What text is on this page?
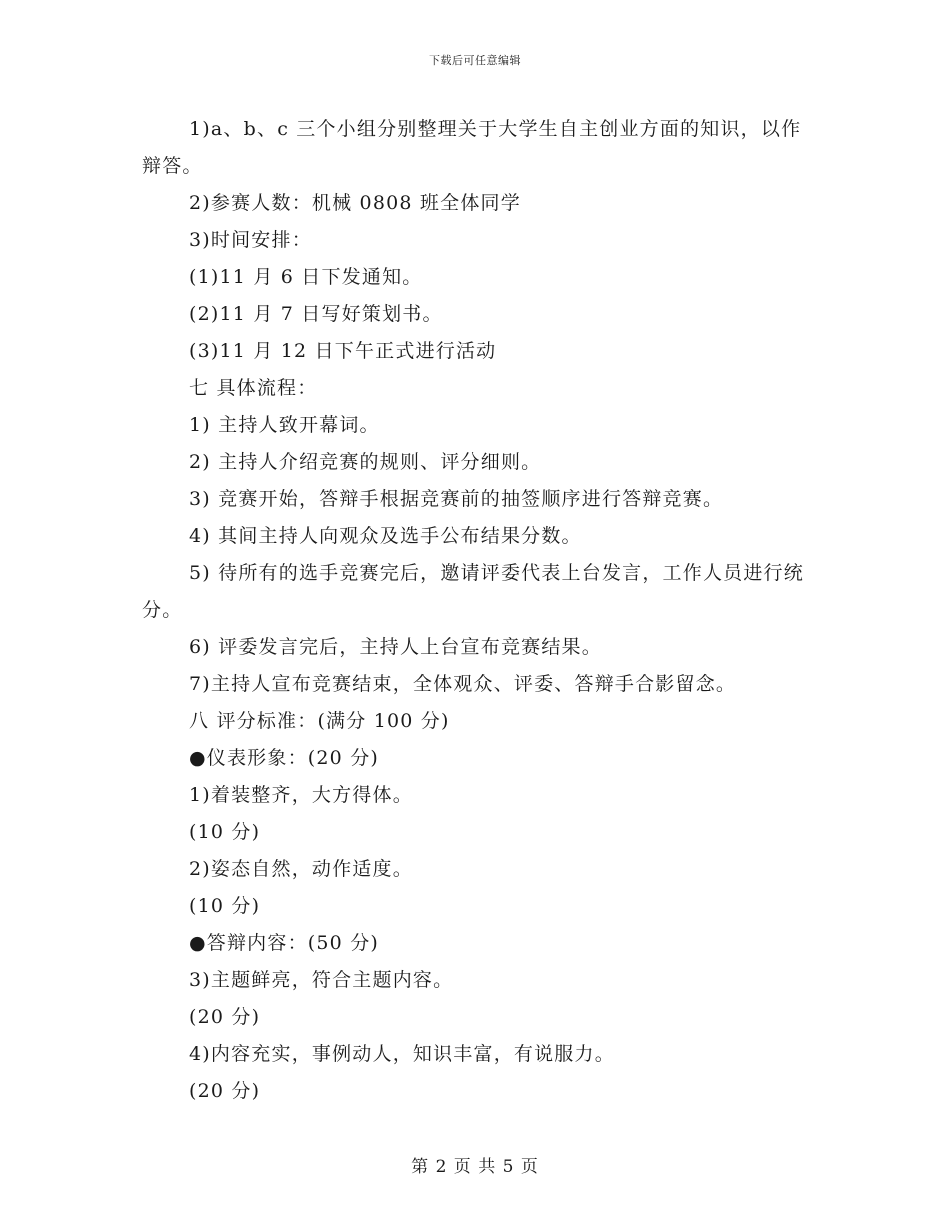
下载后可任意编辑

1)a、b、c 三个小组分别整理关于大学生自主创业方面的知识，以作辩答。

2)参赛人数：机械 0808 班全体同学

3)时间安排：

(1)11 月 6 日下发通知。

(2)11 月 7 日写好策划书。

(3)11 月 12 日下午正式进行活动

七 具体流程：

1) 主持人致开幕词。

2) 主持人介绍竞赛的规则、评分细则。

3) 竞赛开始，答辩手根据竞赛前的抽签顺序进行答辩竞赛。

4) 其间主持人向观众及选手公布结果分数。

5) 待所有的选手竞赛完后，邀请评委代表上台发言，工作人员进行统分。

6) 评委发言完后，主持人上台宣布竞赛结果。

7)主持人宣布竞赛结束，全体观众、评委、答辩手合影留念。

八 评分标准：(满分 100 分)

●仪表形象：(20 分)

1)着装整齐，大方得体。

(10 分)

2)姿态自然，动作适度。

(10 分)

●答辩内容：(50 分)

3)主题鲜亮，符合主题内容。

(20 分)

4)内容充实，事例动人，知识丰富，有说服力。

(20 分)

第 2 页 共 5 页
